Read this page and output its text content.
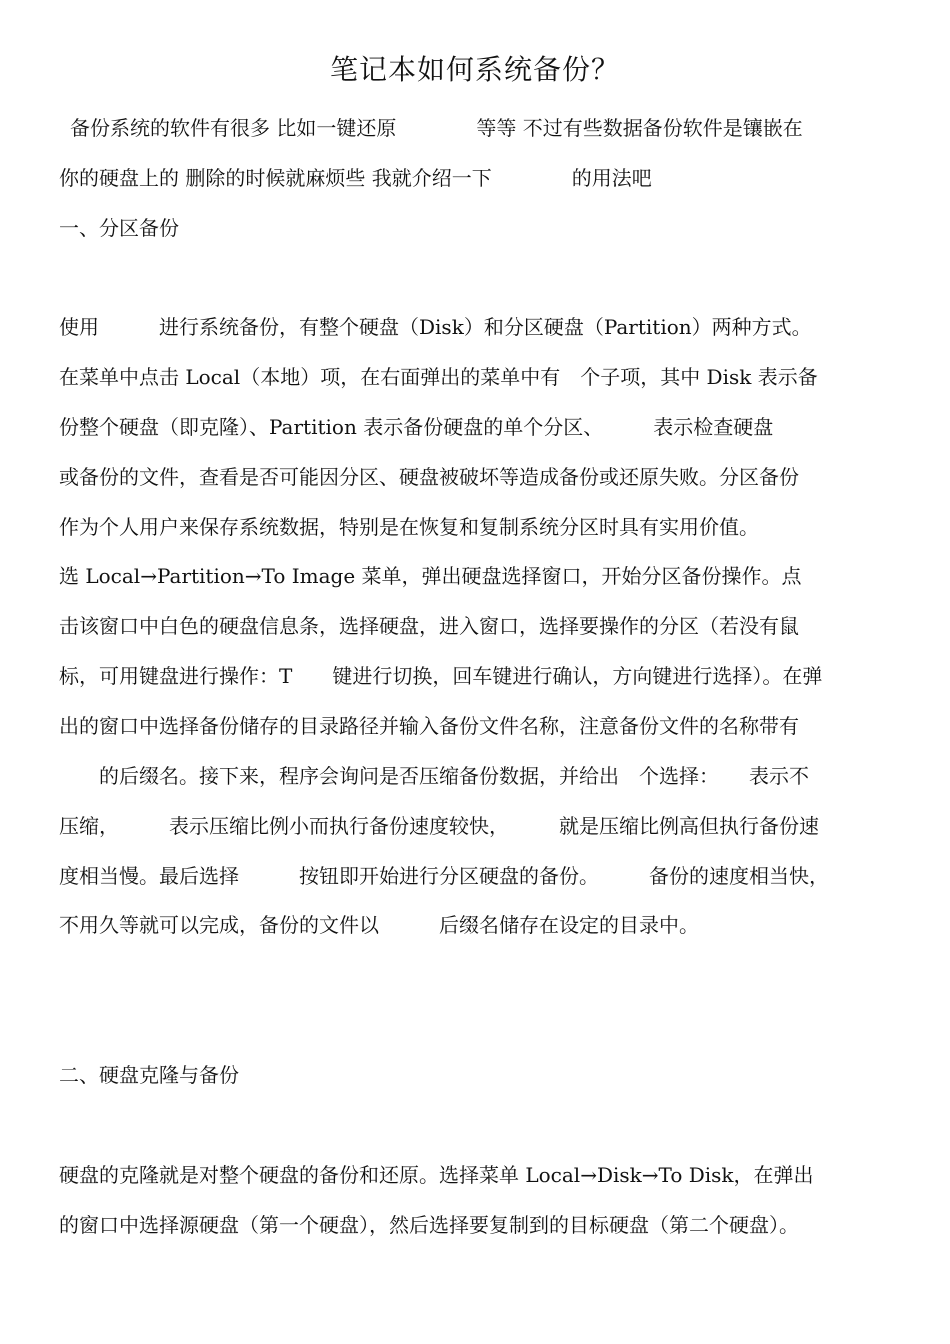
笔记本如何系统备份？
备份系统的软件有很多 比如一键还原　　　　等等 不过有些数据备份软件是镶嵌在
你的硬盘上的 删除的时候就麻烦些 我就介绍一下　　　　的用法吧
一、分区备份
使用　　　进行系统备份，有整个硬盘（Disk）和分区硬盘（Partition）两种方式。
在菜单中点击 Local（本地）项，在右面弹出的菜单中有　个子项，其中 Disk 表示备
份整个硬盘（即克隆）、Partition 表示备份硬盘的单个分区、　　　表示检查硬盘
或备份的文件，查看是否可能因分区、硬盘被破坏等造成备份或还原失败。分区备份
作为个人用户来保存系统数据，特别是在恢复和复制系统分区时具有实用价值。
选 Local→Partition→To Image 菜单，弹出硬盘选择窗口，开始分区备份操作。点
击该窗口中白色的硬盘信息条，选择硬盘，进入窗口，选择要操作的分区（若没有鼠
标，可用键盘进行操作：T　　键进行切换，回车键进行确认，方向键进行选择）。在弹
出的窗口中选择备份储存的目录路径并输入备份文件名称，注意备份文件的名称带有
　　的后缀名。接下来，程序会询问是否压缩备份数据，并给出　个选择：　　表示不
压缩，　　　表示压缩比例小而执行备份速度较快，　　　就是压缩比例高但执行备份速
度相当慢。最后选择　　　按钮即开始进行分区硬盘的备份。　　　备份的速度相当快，
不用久等就可以完成，备份的文件以　　　后缀名储存在设定的目录中。
二、硬盘克隆与备份
硬盘的克隆就是对整个硬盘的备份和还原。选择菜单 Local→Disk→To Disk，在弹出
的窗口中选择源硬盘（第一个硬盘），然后选择要复制到的目标硬盘（第二个硬盘）。
